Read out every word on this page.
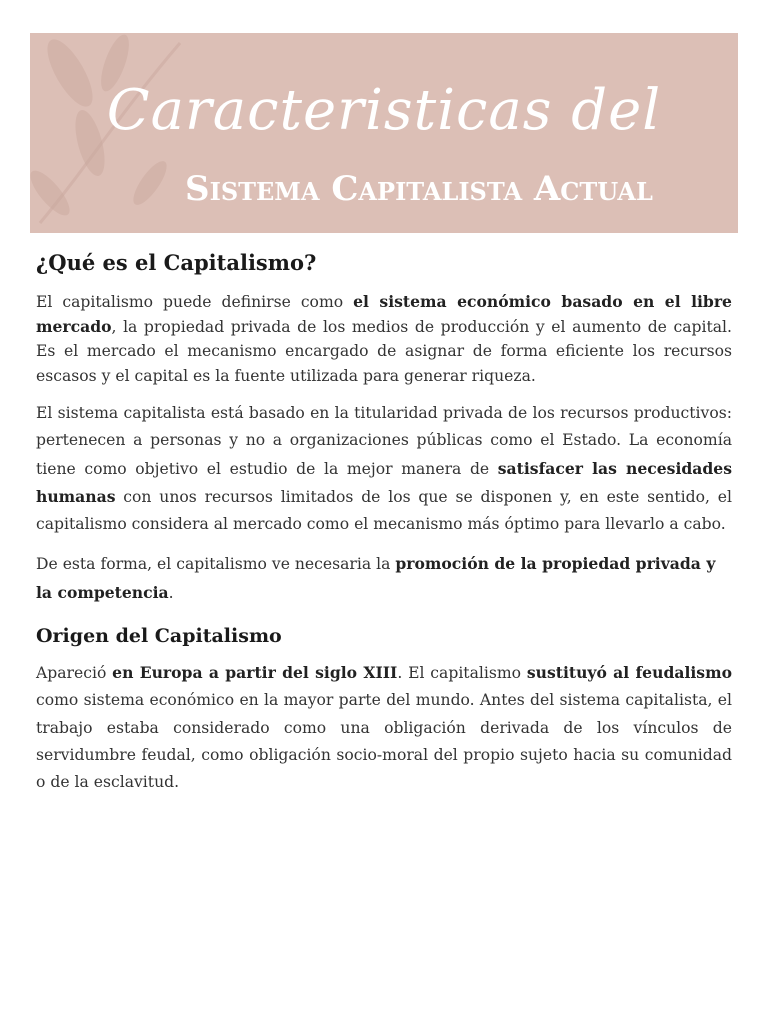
Caracteristicas del
Sistema Capitalista Actual
¿Qué es el Capitalismo?

El capitalismo puede definirse como el sistema económico basado en el libre mercado, la propiedad privada de los medios de producción y el aumento de capital. Es el mercado el mecanismo encargado de asignar de forma eficiente los recursos escasos y el capital es la fuente utilizada para generar riqueza.

El sistema capitalista está basado en la titularidad privada de los recursos productivos: pertenecen a personas y no a organizaciones públicas como el Estado. La economía tiene como objetivo el estudio de la mejor manera de satisfacer las necesidades humanas con unos recursos limitados de los que se disponen y, en este sentido, el capitalismo considera al mercado como el mecanismo más óptimo para llevarlo a cabo.

De esta forma, el capitalismo ve necesaria la promoción de la propiedad privada y la competencia.

Origen del Capitalismo

Apareció en Europa a partir del siglo XIII. El capitalismo sustituyó al feudalismo como sistema económico en la mayor parte del mundo. Antes del sistema capitalista, el trabajo estaba considerado como una obligación derivada de los vínculos de servidumbre feudal, como obligación socio-moral del propio sujeto hacia su comunidad o de la esclavitud.
